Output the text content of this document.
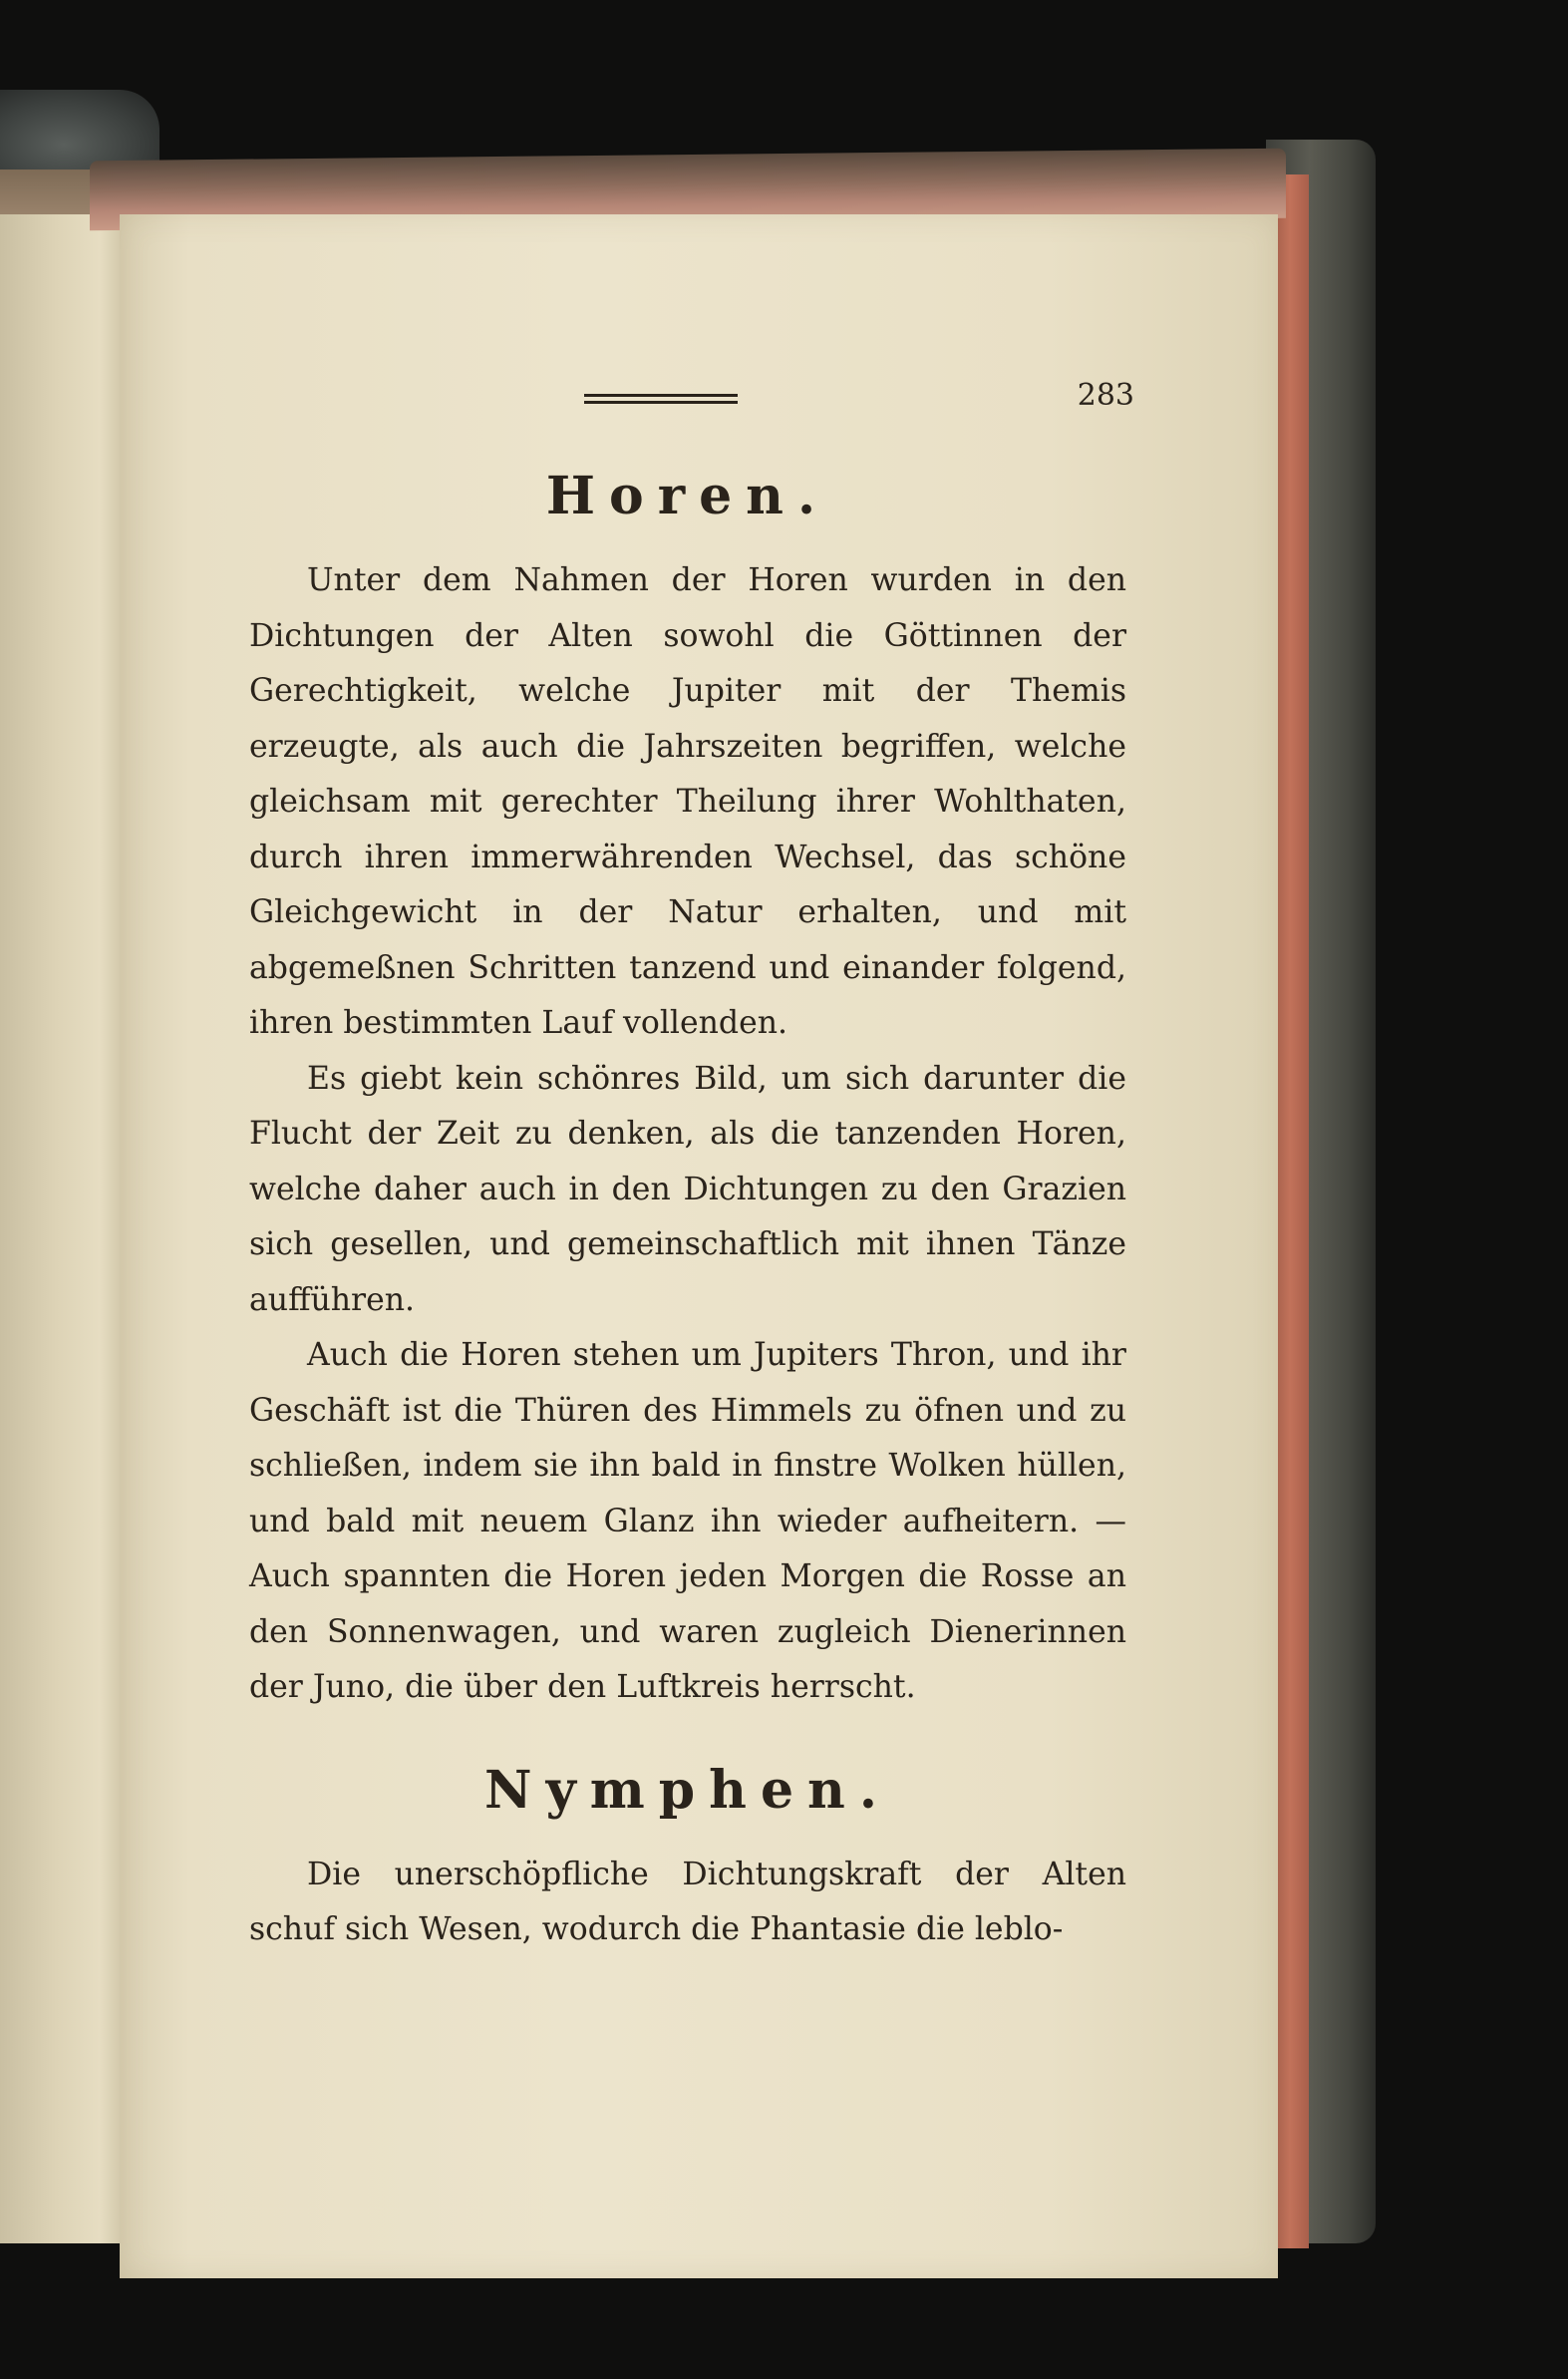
283
Horen.

Unter dem Nahmen der Horen wurden in den Dichtungen der Alten sowohl die Göttinnen der Gerechtigkeit, welche Jupiter mit der Themis erzeugte, als auch die Jahrszeiten begriffen, welche gleichsam mit gerechter Theilung ihrer Wohlthaten, durch ihren immerwährenden Wechsel, das schöne Gleichgewicht in der Natur erhalten, und mit abgemeßnen Schritten tanzend und einander folgend, ihren bestimmten Lauf vollenden.

Es giebt kein schönres Bild, um sich darunter die Flucht der Zeit zu denken, als die tanzenden Horen, welche daher auch in den Dichtungen zu den Grazien sich gesellen, und gemeinschaftlich mit ihnen Tänze aufführen.

Auch die Horen stehen um Jupiters Thron, und ihr Geschäft ist die Thüren des Himmels zu öfnen und zu schließen, indem sie ihn bald in finstre Wolken hüllen, und bald mit neuem Glanz ihn wieder aufheitern. — Auch spannten die Horen jeden Morgen die Rosse an den Sonnenwagen, und waren zugleich Dienerinnen der Juno, die über den Luftkreis herrscht.

Nymphen.

Die unerschöpfliche Dichtungskraft der Alten schuf sich Wesen, wodurch die Phantasie die leblo-
